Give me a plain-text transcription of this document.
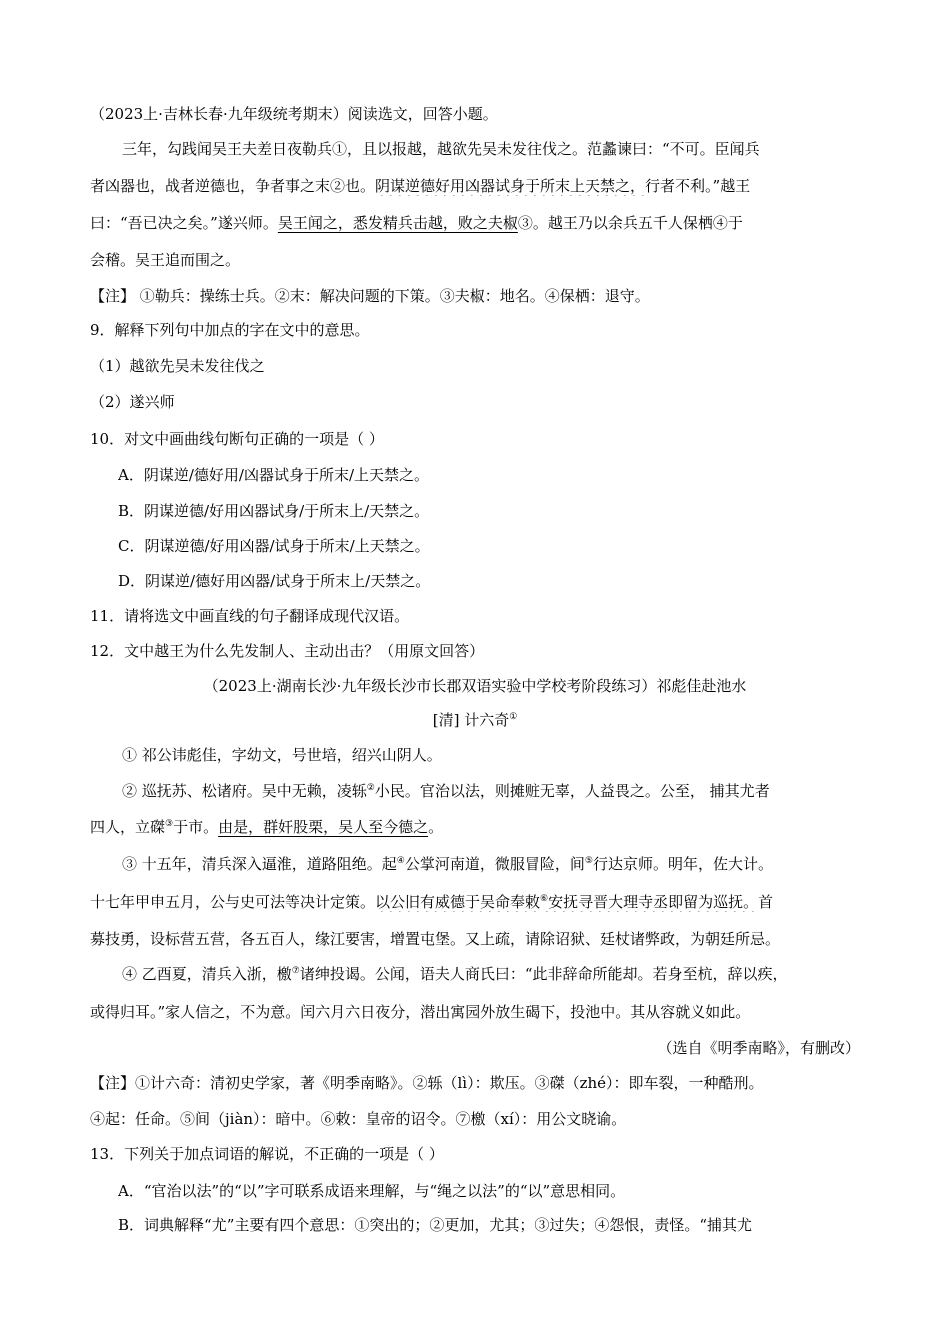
（2023上·吉林长春·九年级统考期末）阅读选文，回答小题。
三年，勾践闻吴王夫差日夜勒兵①，且以报越，越欲先吴未发往伐之。范蠡谏曰：“不可。臣闻兵
者凶器也，战者逆德也，争者事之末②也。阴谋逆德好用凶器试身于所末上天禁之，行者不利。”越王
曰：“吾已决之矣。”遂兴师。吴王闻之，悉发精兵击越，败之夫椒③。越王乃以余兵五千人保栖④于
会稽。吴王追而围之。
【注】 ①勒兵：操练士兵。②末：解决问题的下策。③夫椒：地名。④保栖：退守。
9．解释下列句中加点的字在文中的意思。
（1）越欲先吴未发往伐之
（2）遂兴师
10．对文中画曲线句断句正确的一项是（ ）
A．阴谋逆/德好用/凶器试身于所末/上天禁之。
B．阴谋逆德/好用凶器试身/于所末上/天禁之。
C．阴谋逆德/好用凶器/试身于所末/上天禁之。
D．阴谋逆/德好用凶器/试身于所末上/天禁之。
11．请将选文中画直线的句子翻译成现代汉语。
12．文中越王为什么先发制人、主动出击？（用原文回答）
（2023上·湖南长沙·九年级长沙市长郡双语实验中学校考阶段练习）祁彪佳赴池水
[清] 计六奇①
① 祁公讳彪佳，字幼文，号世培，绍兴山阴人。
② 巡抚苏、松诸府。吴中无赖，凌轹②小民。官治以法，则摊赃无辜，人益畏之。公至， 捕其尤者
四人，立磔③于市。由是，群奸股栗，吴人至今德之。
③ 十五年，清兵深入逼淮，道路阻绝。起④公掌河南道，微服冒险，间⑤行达京师。明年，佐大计。
十七年甲申五月，公与史可法等决计定策。以公旧有威德于吴命奉敕⑥安抚寻晋大理寺丞即留为巡抚。首
募技勇，设标营五营，各五百人，缘江要害，增置屯堡。又上疏，请除诏狱、廷杖诸弊政，为朝廷所忌。
④ 乙酉夏，清兵入浙，檄⑦诸绅投谒。公闻，语夫人商氏曰：“此非辞命所能却。若身至杭，辞以疾，
或得归耳。”家人信之，不为意。闰六月六日夜分，潜出寓园外放生碣下，投池中。其从容就义如此。
（选自《明季南略》，有删改）
【注】①计六奇：清初史学家，著《明季南略》。②轹（lì）：欺压。③磔（zhé）：即车裂，一种酷刑。
④起：任命。⑤间（jiàn）：暗中。⑥敕：皇帝的诏令。⑦檄（xí）：用公文晓谕。
13．下列关于加点词语的解说，不正确的一项是（ ）
A．“官治以法”的“以”字可联系成语来理解，与“绳之以法”的“以”意思相同。
B．词典解释“尤”主要有四个意思：①突出的；②更加，尤其；③过失；④怨恨，责怪。“捕其尤
